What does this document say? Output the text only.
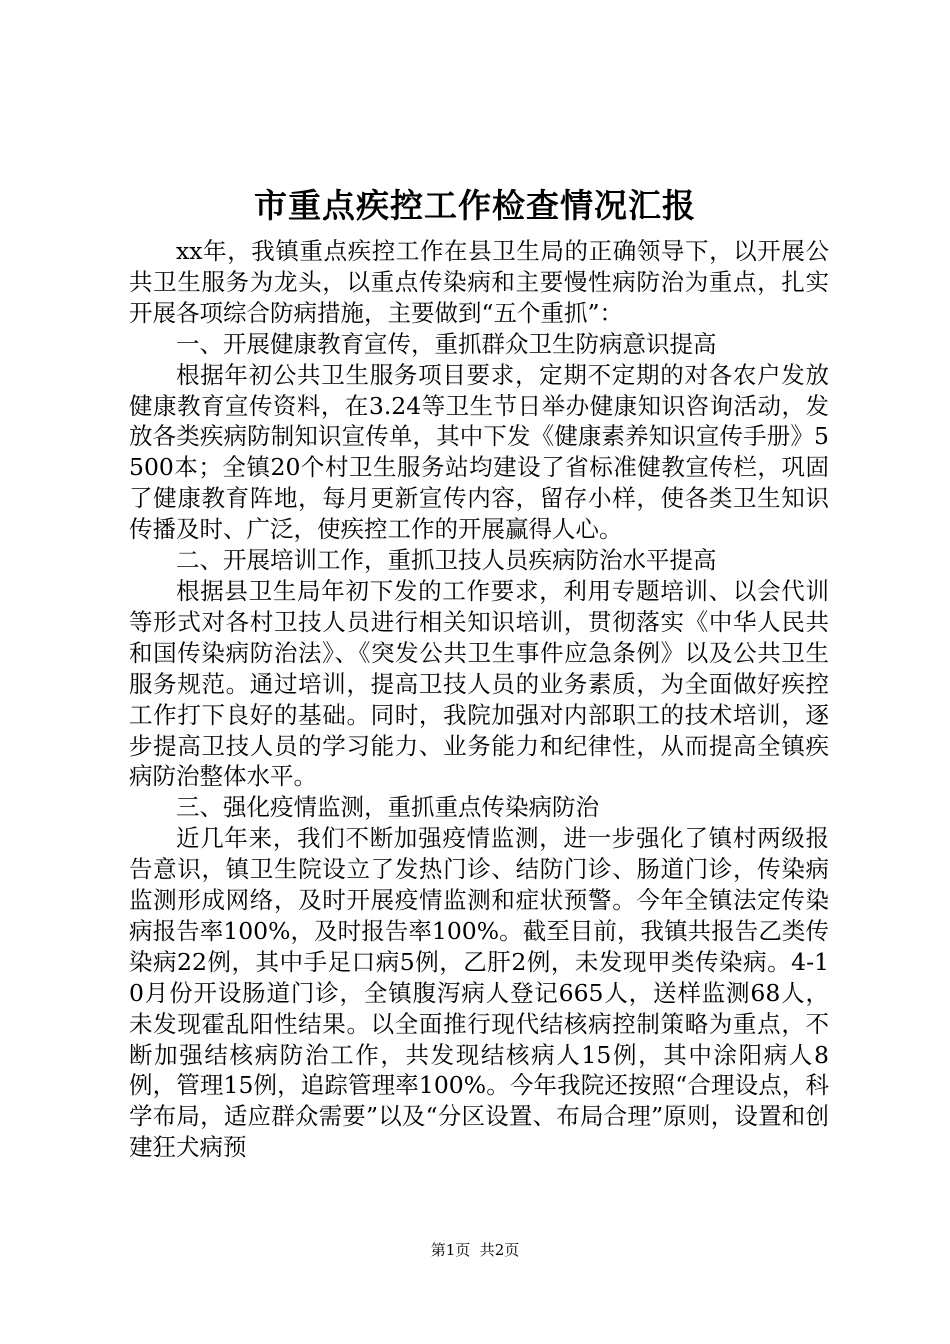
市重点疾控工作检查情况汇报

xx年，我镇重点疾控工作在县卫生局的正确领导下，以开展公共卫生服务为龙头，以重点传染病和主要慢性病防治为重点，扎实开展各项综合防病措施，主要做到“五个重抓”：

一、开展健康教育宣传，重抓群众卫生防病意识提高

根据年初公共卫生服务项目要求，定期不定期的对各农户发放健康教育宣传资料，在3.24等卫生节日举办健康知识咨询活动，发放各类疾病防制知识宣传单，其中下发《健康素养知识宣传手册》5500本；全镇20个村卫生服务站均建设了省标准健教宣传栏，巩固了健康教育阵地，每月更新宣传内容，留存小样，使各类卫生知识传播及时、广泛，使疾控工作的开展赢得人心。

二、开展培训工作，重抓卫技人员疾病防治水平提高

根据县卫生局年初下发的工作要求，利用专题培训、以会代训等形式对各村卫技人员进行相关知识培训，贯彻落实《中华人民共和国传染病防治法》、《突发公共卫生事件应急条例》以及公共卫生服务规范。通过培训，提高卫技人员的业务素质，为全面做好疾控工作打下良好的基础。同时，我院加强对内部职工的技术培训，逐步提高卫技人员的学习能力、业务能力和纪律性，从而提高全镇疾病防治整体水平。

三、强化疫情监测，重抓重点传染病防治

近几年来，我们不断加强疫情监测，进一步强化了镇村两级报告意识，镇卫生院设立了发热门诊、结防门诊、肠道门诊，传染病监测形成网络，及时开展疫情监测和症状预警。今年全镇法定传染病报告率100%，及时报告率100%。截至目前，我镇共报告乙类传染病22例，其中手足口病5例，乙肝2例，未发现甲类传染病。4-10月份开设肠道门诊，全镇腹泻病人登记665人，送样监测68人，未发现霍乱阳性结果。以全面推行现代结核病控制策略为重点，不断加强结核病防治工作，共发现结核病人15例，其中涂阳病人8例，管理15例，追踪管理率100%。今年我院还按照“合理设点，科学布局，适应群众需要”以及“分区设置、布局合理”原则，设置和创建狂犬病预

第1页  共2页
